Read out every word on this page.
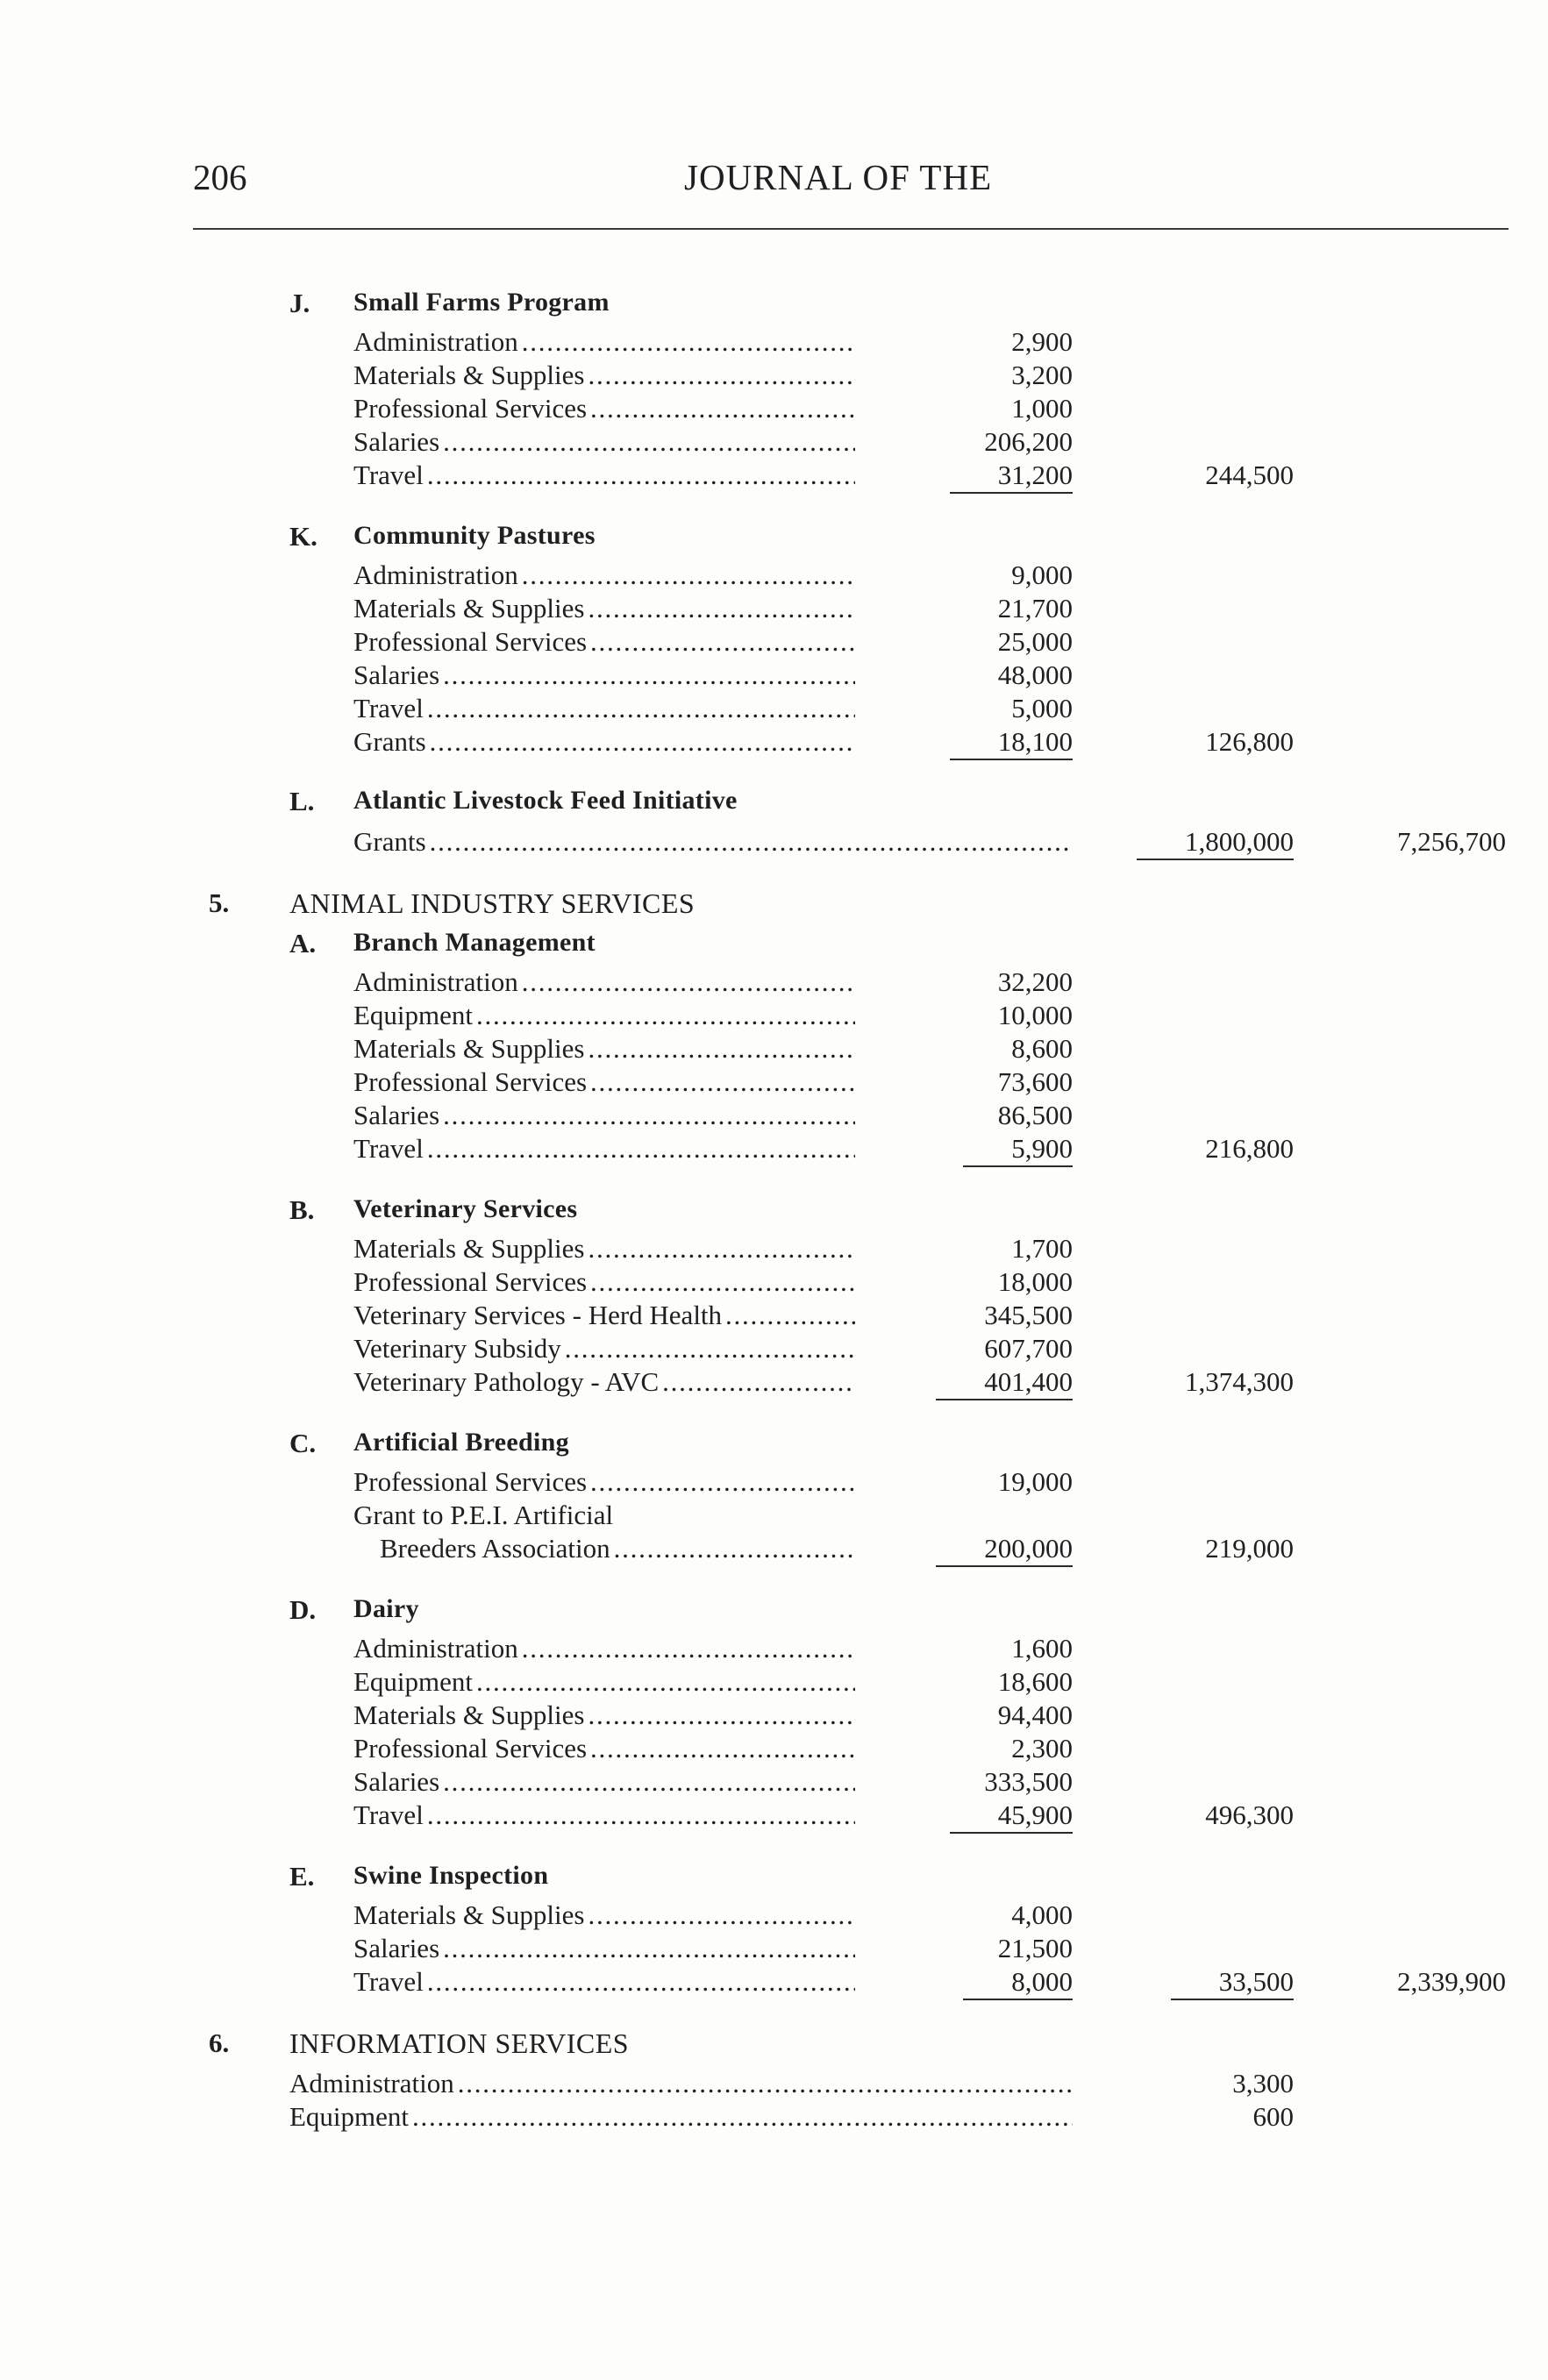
206	JOURNAL OF THE
J. Small Farms Program
Administration . . .	2,900
Materials & Supplies . . .	3,200
Professional Services . . .	1,000
Salaries . . .	206,200
Travel . . .	31,200	244,500
K. Community Pastures
Administration . . .	9,000
Materials & Supplies . . .	21,700
Professional Services . . .	25,000
Salaries . . .	48,000
Travel . . .	5,000
Grants . . .	18,100	126,800
L. Atlantic Livestock Feed Initiative
Grants . . .	1,800,000	7,256,700
5. ANIMAL INDUSTRY SERVICES
A. Branch Management
Administration . . .	32,200
Equipment . . .	10,000
Materials & Supplies . . .	8,600
Professional Services . . .	73,600
Salaries . . .	86,500
Travel . . .	5,900	216,800
B. Veterinary Services
Materials & Supplies . . .	1,700
Professional Services . . .	18,000
Veterinary Services - Herd Health . . .	345,500
Veterinary Subsidy . . .	607,700
Veterinary Pathology - AVC . . .	401,400	1,374,300
C. Artificial Breeding
Professional Services . . .	19,000
Grant to P.E.I. Artificial
Breeders Association . . .	200,000	219,000
D. Dairy
Administration . . .	1,600
Equipment . . .	18,600
Materials & Supplies . . .	94,400
Professional Services . . .	2,300
Salaries . . .	333,500
Travel . . .	45,900	496,300
E. Swine Inspection
Materials & Supplies . . .	4,000
Salaries . . .	21,500
Travel . . .	8,000	33,500	2,339,900
6. INFORMATION SERVICES
Administration . . .	3,300
Equipment . . .	600
